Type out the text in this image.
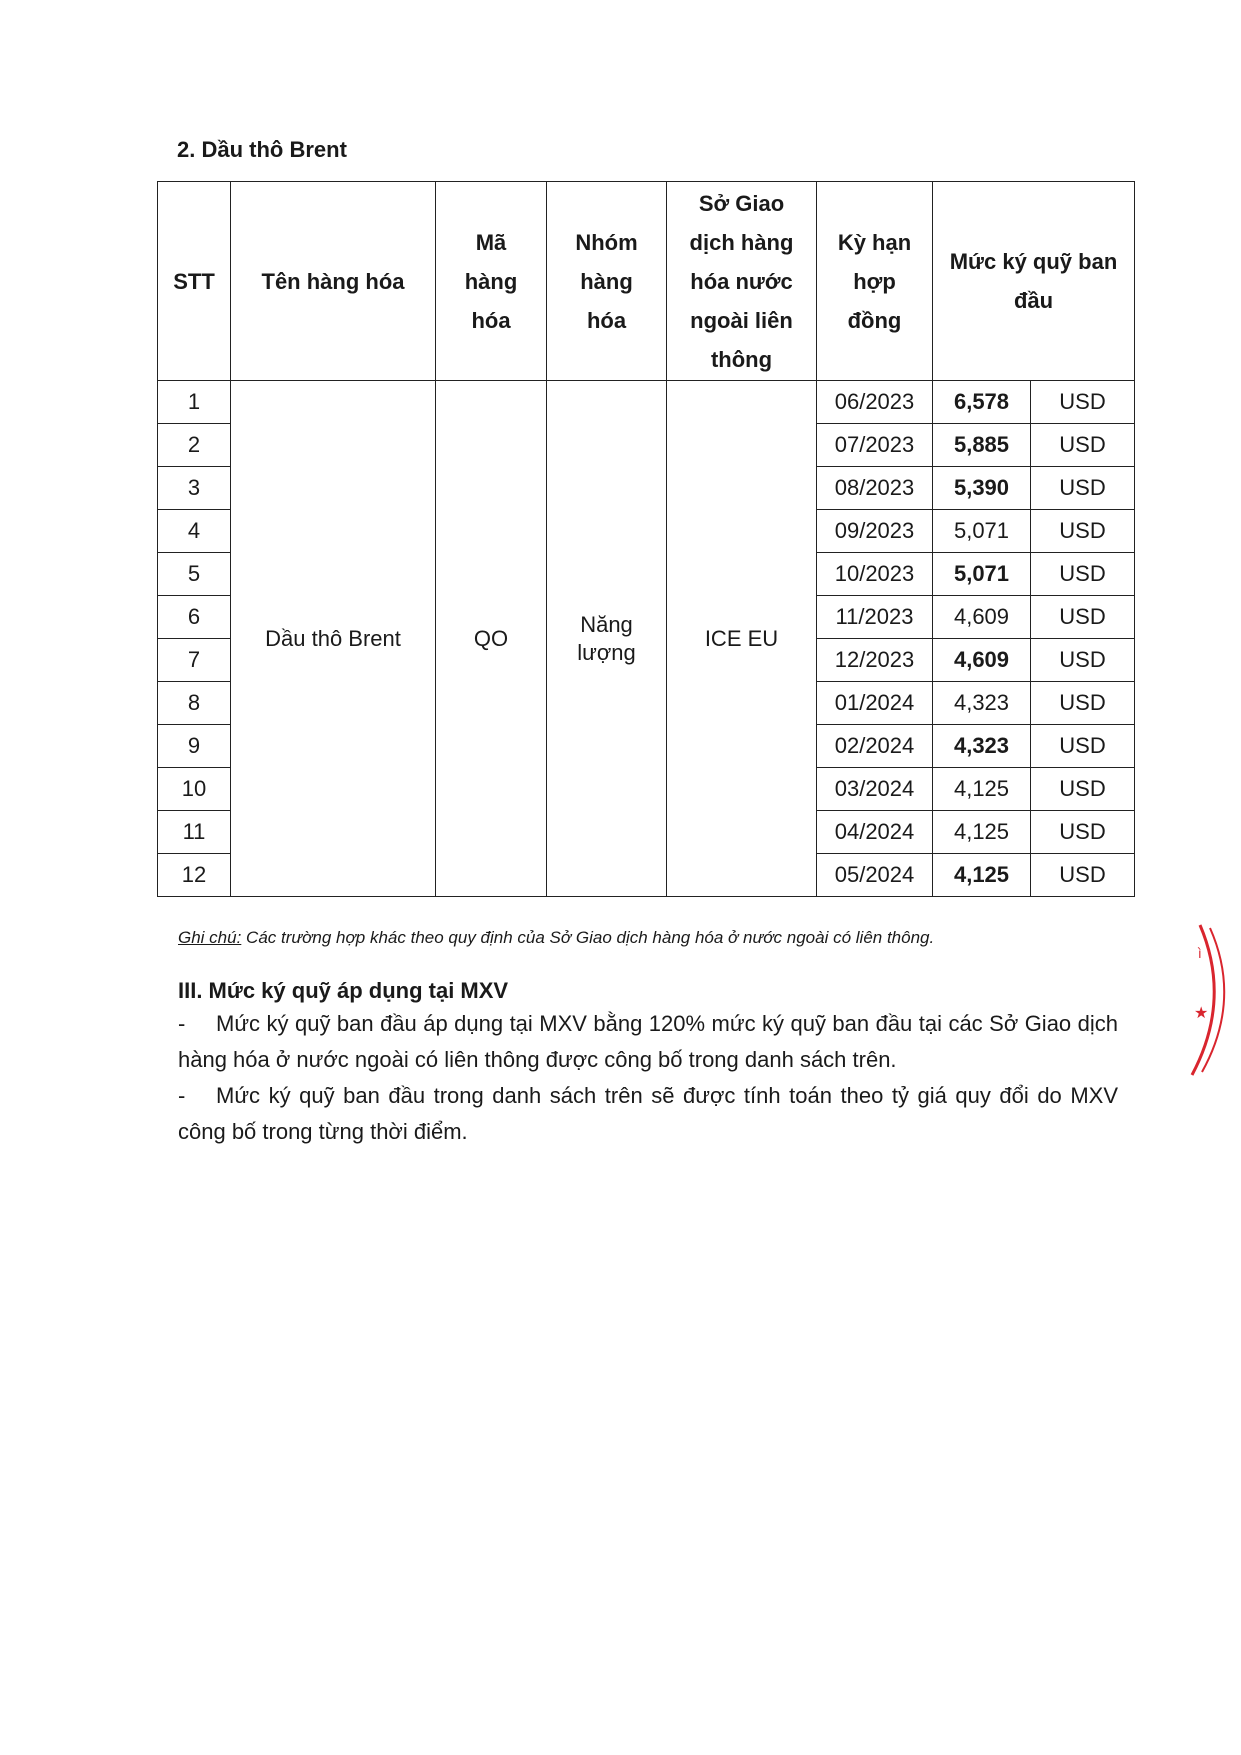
2. Dầu thô Brent
STT	Tên hàng hóa	Mã hàng hóa	Nhóm hàng hóa	Sở Giao dịch hàng hóa nước ngoài liên thông	Kỳ hạn hợp đồng	Mức ký quỹ ban đầu	
1	Dầu thô Brent	QO	Năng lượng	ICE EU	06/2023	6,578	USD
2					07/2023	5,885	USD
3					08/2023	5,390	USD
4					09/2023	5,071	USD
5					10/2023	5,071	USD
6					11/2023	4,609	USD
7					12/2023	4,609	USD
8					01/2024	4,323	USD
9					02/2024	4,323	USD
10					03/2024	4,125	USD
11					04/2024	4,125	USD
12					05/2024	4,125	USD
Ghi chú: Các trường hợp khác theo quy định của Sở Giao dịch hàng hóa ở nước ngoài có liên thông.
III. Mức ký quỹ áp dụng tại MXV
- Mức ký quỹ ban đầu áp dụng tại MXV bằng 120% mức ký quỹ ban đầu tại các Sở Giao dịch hàng hóa ở nước ngoài có liên thông được công bố trong danh sách trên.
- Mức ký quỹ ban đầu trong danh sách trên sẽ được tính toán theo tỷ giá quy đổi do MXV công bố trong từng thời điểm.
★
ì
